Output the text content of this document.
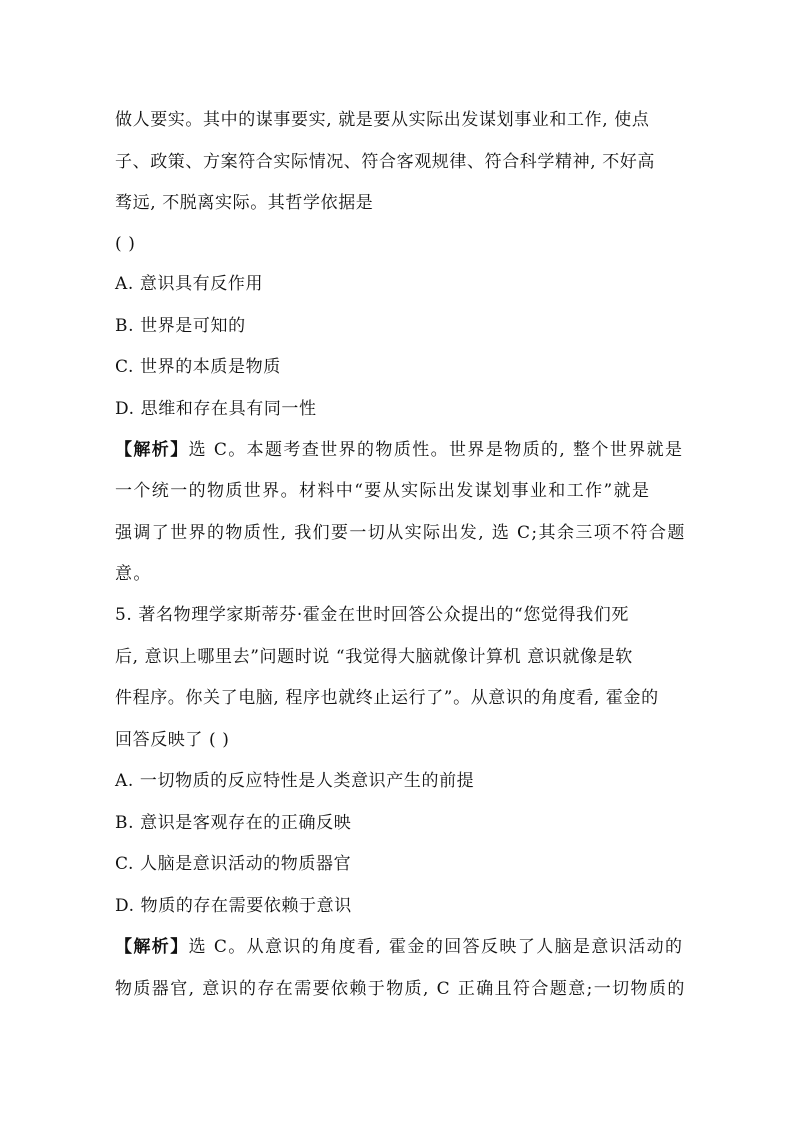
做人要实。其中的谋事要实, 就是要从实际出发谋划事业和工作, 使点
子、政策、方案符合实际情况、符合客观规律、符合科学精神, 不好高
骛远, 不脱离实际。其哲学依据是
( )
A. 意识具有反作用
B. 世界是可知的
C. 世界的本质是物质
D. 思维和存在具有同一性
【解析】选 C。本题考查世界的物质性。世界是物质的, 整个世界就是
一个统一的物质世界。材料中“要从实际出发谋划事业和工作”就是
强调了世界的物质性, 我们要一切从实际出发, 选 C;其余三项不符合题
意。
5. 著名物理学家斯蒂芬·霍金在世时回答公众提出的“您觉得我们死
后, 意识上哪里去”问题时说 “我觉得大脑就像计算机 意识就像是软
件程序。你关了电脑, 程序也就终止运行了”。从意识的角度看, 霍金的
回答反映了 ( )
A. 一切物质的反应特性是人类意识产生的前提
B. 意识是客观存在的正确反映
C. 人脑是意识活动的物质器官
D. 物质的存在需要依赖于意识
【解析】选 C。从意识的角度看, 霍金的回答反映了人脑是意识活动的
物质器官, 意识的存在需要依赖于物质, C 正确且符合题意;一切物质的
